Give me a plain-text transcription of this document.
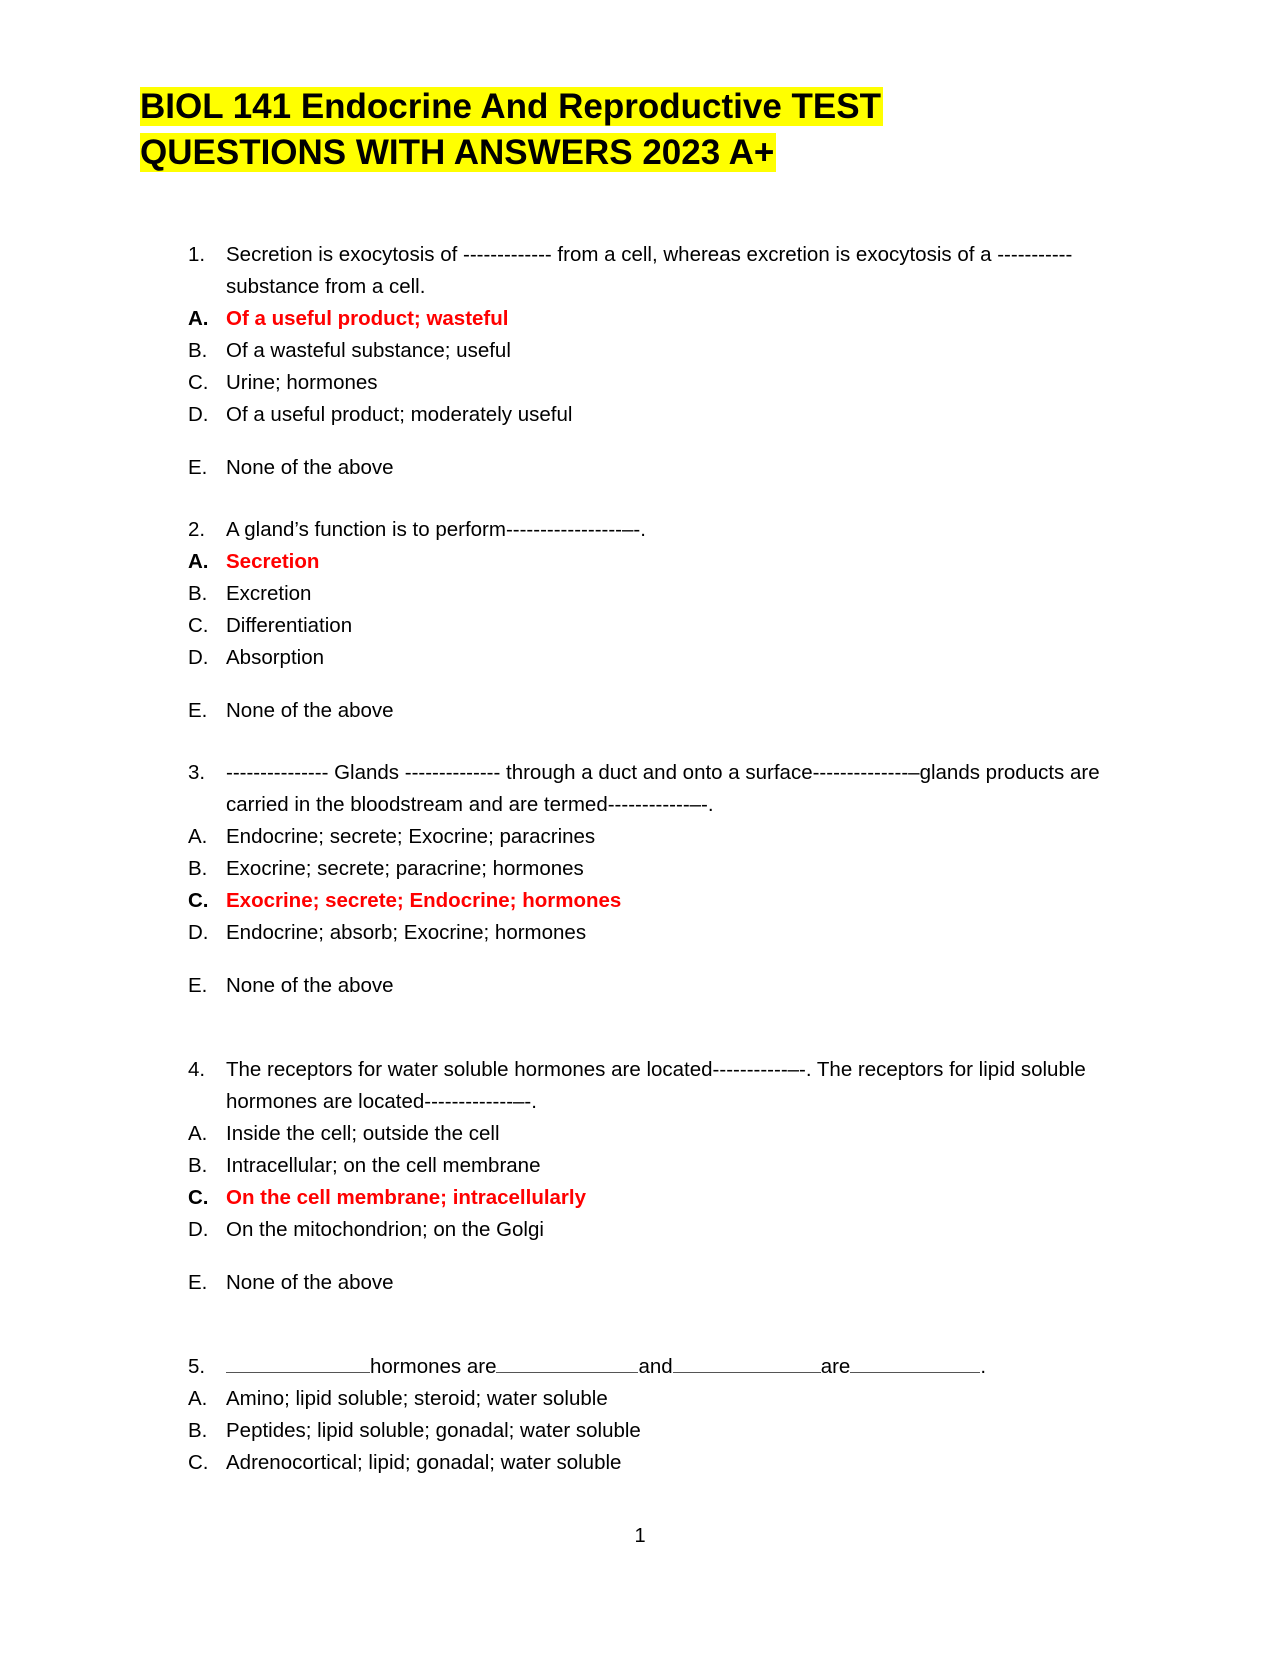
BIOL 141 Endocrine And Reproductive TEST
QUESTIONS WITH ANSWERS 2023 A+
1.	Secretion is exocytosis of ------------- from a cell, whereas excretion is exocytosis of a ----------- substance from a cell.
A. Of a useful product; wasteful
B. Of a wasteful substance; useful
C. Urine; hormones
D. Of a useful product; moderately useful
E. None of the above
2.	A gland’s function is to perform-----------------–-.
A. Secretion
B. Excretion
C. Differentiation
D. Absorption
E. None of the above
3.	--------------- Glands -------------- through a duct and onto a surface--------------–glands products are carried in the bloodstream and are termed------------–-.
A. Endocrine; secrete; Exocrine; paracrines
B. Exocrine; secrete; paracrine; hormones
C. Exocrine; secrete; Endocrine; hormones
D. Endocrine; absorb; Exocrine; hormones
E. None of the above
4.	The receptors for water soluble hormones are located-----------–-. The receptors for lipid soluble hormones are located-------------–-.
A. Inside the cell; outside the cell
B. Intracellular; on the cell membrane
C. On the cell membrane; intracellularly
D. On the mitochondrion; on the Golgi
E. None of the above
5.	hormones are	and	are	.
A. Amino; lipid soluble; steroid; water soluble
B. Peptides; lipid soluble; gonadal; water soluble
C. Adrenocortical; lipid; gonadal; water soluble
1
